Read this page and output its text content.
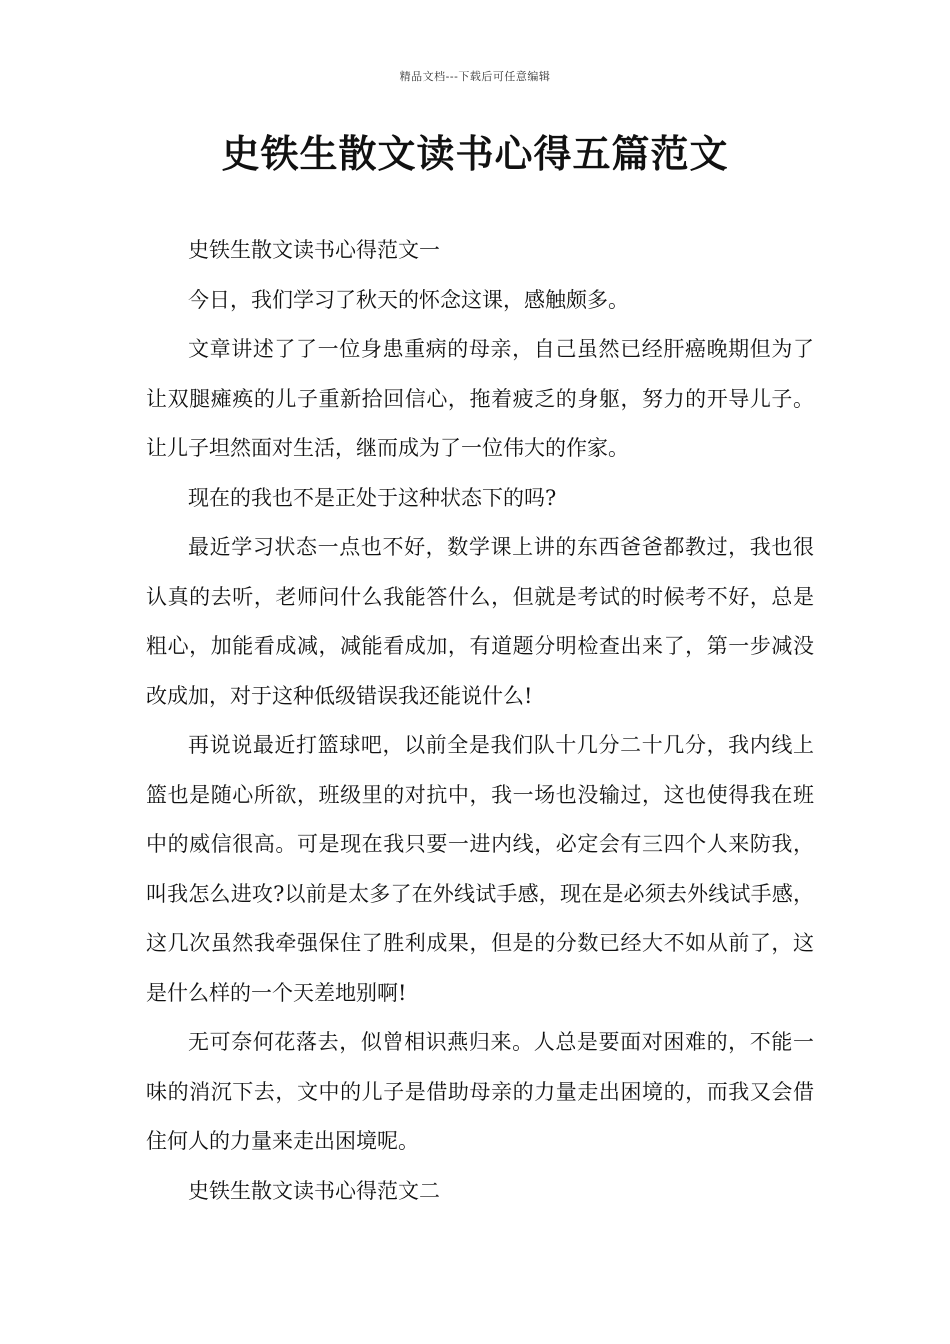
精品文档---下载后可任意编辑
史铁生散文读书心得五篇范文

史铁生散文读书心得范文一

今日，我们学习了秋天的怀念这课，感触颇多。

文章讲述了了一位身患重病的母亲，自己虽然已经肝癌晚期但为了让双腿瘫痪的儿子重新拾回信心，拖着疲乏的身躯，努力的开导儿子。让儿子坦然面对生活，继而成为了一位伟大的作家。

现在的我也不是正处于这种状态下的吗?

最近学习状态一点也不好，数学课上讲的东西爸爸都教过，我也很认真的去听，老师问什么我能答什么，但就是考试的时候考不好，总是粗心，加能看成减，减能看成加，有道题分明检查出来了，第一步减没改成加，对于这种低级错误我还能说什么!

再说说最近打篮球吧，以前全是我们队十几分二十几分，我内线上篮也是随心所欲，班级里的对抗中，我一场也没输过，这也使得我在班中的威信很高。可是现在我只要一进内线，必定会有三四个人来防我，叫我怎么进攻?以前是太多了在外线试手感，现在是必须去外线试手感，这几次虽然我牵强保住了胜利成果，但是的分数已经大不如从前了，这是什么样的一个天差地别啊!

无可奈何花落去，似曾相识燕归来。人总是要面对困难的，不能一味的消沉下去，文中的儿子是借助母亲的力量走出困境的，而我又会借住何人的力量来走出困境呢。

史铁生散文读书心得范文二
